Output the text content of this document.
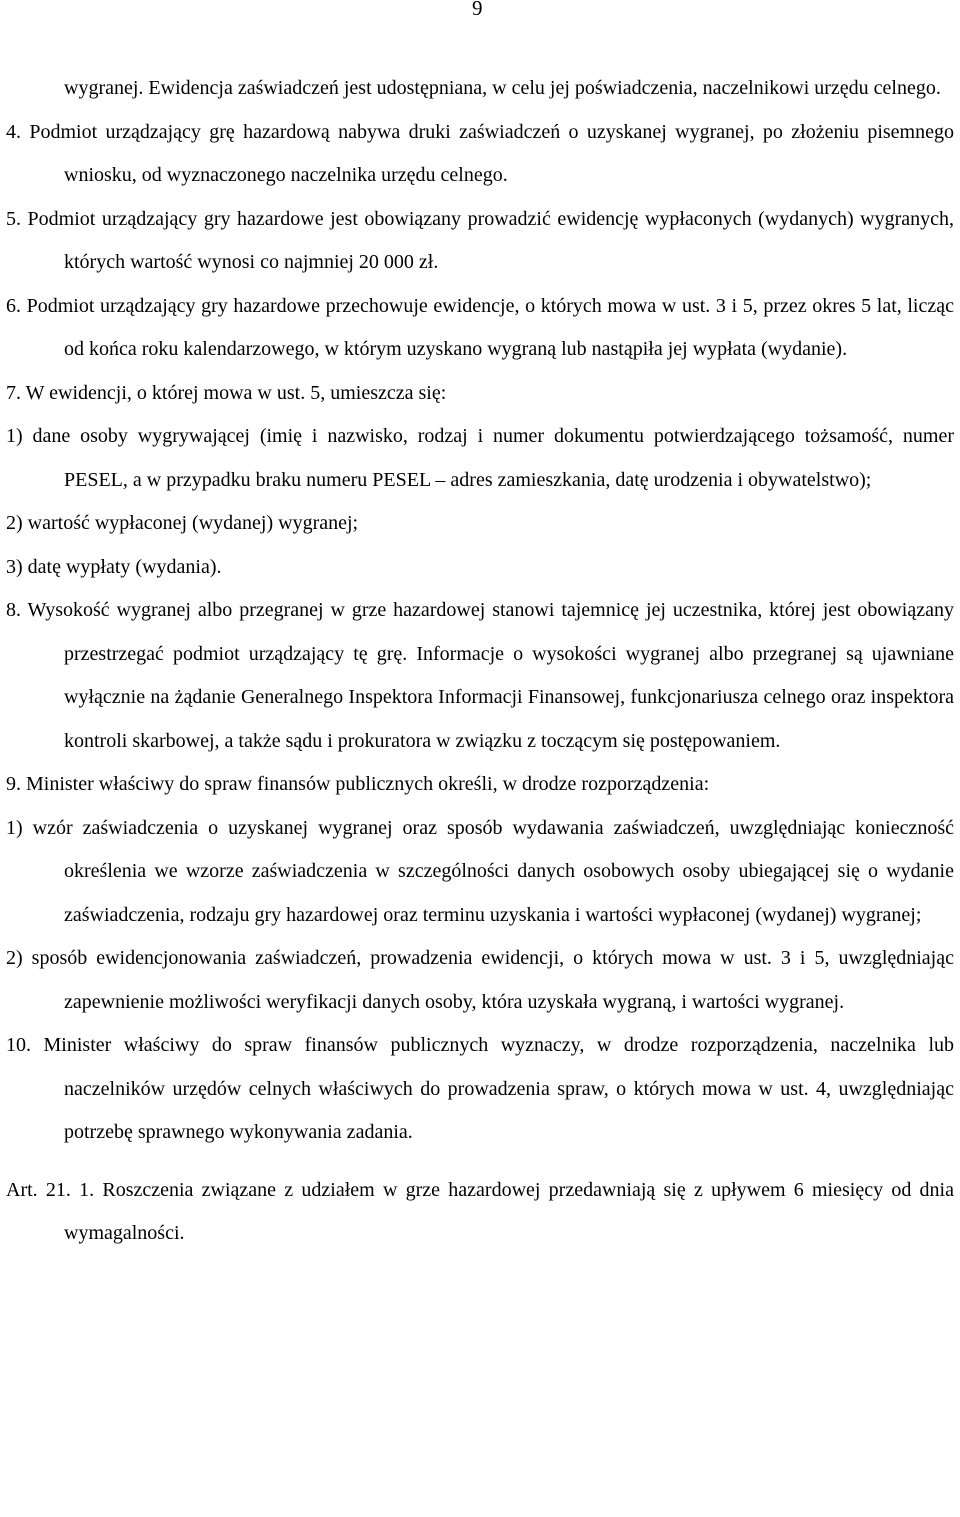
9

wygranej. Ewidencja zaświadczeń jest udostępniana, w celu jej poświadczenia, naczelnikowi urzędu celnego.

4. Podmiot urządzający grę hazardową nabywa druki zaświadczeń o uzyskanej wygranej, po złożeniu pisemnego wniosku, od wyznaczonego naczelnika urzędu celnego.

5. Podmiot urządzający gry hazardowe jest obowiązany prowadzić ewidencję wypłaconych (wydanych) wygranych, których wartość wynosi co najmniej 20 000 zł.

6. Podmiot urządzający gry hazardowe przechowuje ewidencje, o których mowa w ust. 3 i 5, przez okres 5 lat, licząc od końca roku kalendarzowego, w którym uzyskano wygraną lub nastąpiła jej wypłata (wydanie).

7. W ewidencji, o której mowa w ust. 5, umieszcza się:

1) dane osoby wygrywającej (imię i nazwisko, rodzaj i numer dokumentu potwierdzającego tożsamość, numer PESEL, a w przypadku braku numeru PESEL – adres zamieszkania, datę urodzenia i obywatelstwo);

2) wartość wypłaconej (wydanej) wygranej;

3) datę wypłaty (wydania).

8. Wysokość wygranej albo przegranej w grze hazardowej stanowi tajemnicę jej uczestnika, której jest obowiązany przestrzegać podmiot urządzający tę grę. Informacje o wysokości wygranej albo przegranej są ujawniane wyłącznie na żądanie Generalnego Inspektora Informacji Finansowej, funkcjonariusza celnego oraz inspektora kontroli skarbowej, a także sądu i prokuratora w związku z toczącym się postępowaniem.

9. Minister właściwy do spraw finansów publicznych określi, w drodze rozporządzenia:

1) wzór zaświadczenia o uzyskanej wygranej oraz sposób wydawania zaświadczeń, uwzględniając konieczność określenia we wzorze zaświadczenia w szczególności danych osobowych osoby ubiegającej się o wydanie zaświadczenia, rodzaju gry hazardowej oraz terminu uzyskania i wartości wypłaconej (wydanej) wygranej;

2) sposób ewidencjonowania zaświadczeń, prowadzenia ewidencji, o których mowa w ust. 3 i 5, uwzględniając zapewnienie możliwości weryfikacji danych osoby, która uzyskała wygraną, i wartości wygranej.

10. Minister właściwy do spraw finansów publicznych wyznaczy, w drodze rozporządzenia, naczelnika lub naczelników urzędów celnych właściwych do prowadzenia spraw, o których mowa w ust. 4, uwzględniając potrzebę sprawnego wykonywania zadania.

Art. 21. 1. Roszczenia związane z udziałem w grze hazardowej przedawniają się z upływem 6 miesięcy od dnia wymagalności.
